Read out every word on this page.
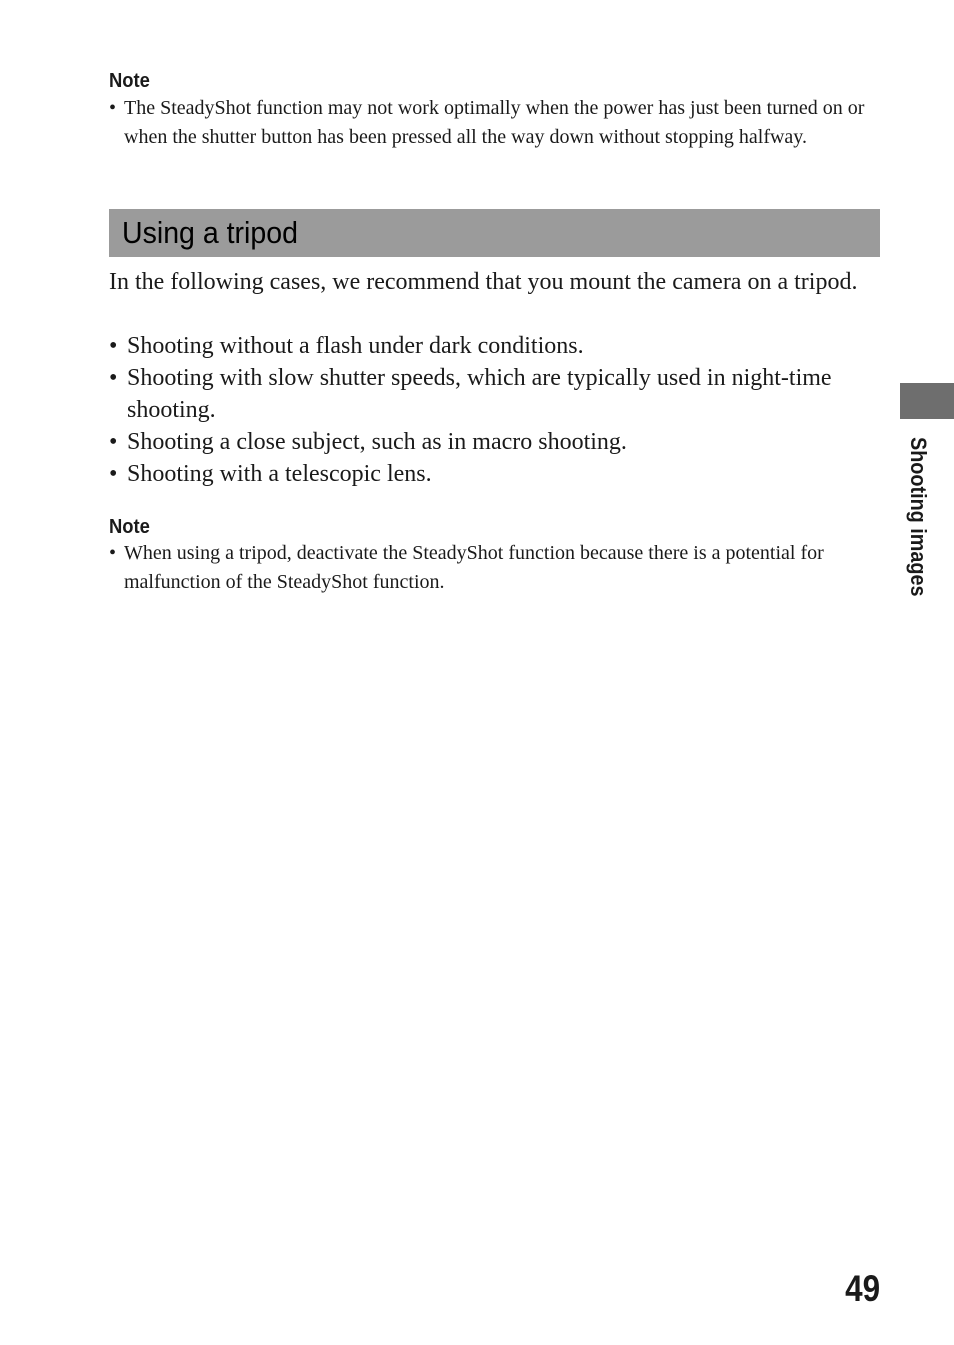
Note
• The SteadyShot function may not work optimally when the power has just been turned on or when the shutter button has been pressed all the way down without stopping halfway.
Using a tripod

In the following cases, we recommend that you mount the camera on a tripod.

• Shooting without a flash under dark conditions.
• Shooting with slow shutter speeds, which are typically used in night-time shooting.
• Shooting a close subject, such as in macro shooting.
• Shooting with a telescopic lens.
Note
• When using a tripod, deactivate the SteadyShot function because there is a potential for malfunction of the SteadyShot function.	Shooting images

49
